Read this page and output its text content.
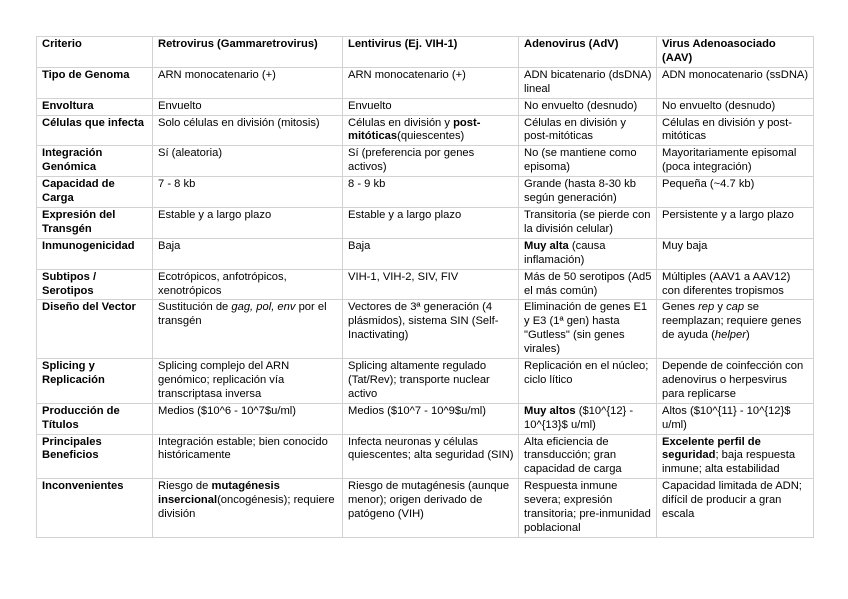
Criterio	Retrovirus (Gammaretrovirus)	Lentivirus (Ej. VIH-1)	Adenovirus (AdV)	Virus Adenoasociado (AAV)
Tipo de Genoma	ARN monocatenario (+)	ARN monocatenario (+)	ADN bicatenario (dsDNA) lineal	ADN monocatenario (ssDNA)
Envoltura	Envuelto	Envuelto	No envuelto (desnudo)	No envuelto (desnudo)
Células que infecta	Solo células en división (mitosis)	Células en división y post-mitóticas(quiescentes)	Células en división y post-mitóticas	Células en división y post-mitóticas
Integración Genómica	Sí (aleatoria)	Sí (preferencia por genes activos)	No (se mantiene como episoma)	Mayoritariamente episomal (poca integración)
Capacidad de Carga	7 - 8 kb	8 - 9 kb	Grande (hasta 8-30 kb según generación)	Pequeña (~4.7 kb)
Expresión del Transgén	Estable y a largo plazo	Estable y a largo plazo	Transitoria (se pierde con la división celular)	Persistente y a largo plazo
Inmunogenicidad	Baja	Baja	Muy alta (causa inflamación)	Muy baja
Subtipos / Serotipos	Ecotrópicos, anfotrópicos, xenotrópicos	VIH-1, VIH-2, SIV, FIV	Más de 50 serotipos (Ad5 el más común)	Múltiples (AAV1 a AAV12) con diferentes tropismos
Diseño del Vector	Sustitución de gag, pol, env por el transgén	Vectores de 3ª generación (4 plásmidos), sistema SIN (Self-Inactivating)	Eliminación de genes E1 y E3 (1ª gen) hasta "Gutless" (sin genes virales)	Genes rep y cap se reemplazan; requiere genes de ayuda (helper)
Splicing y Replicación	Splicing complejo del ARN genómico; replicación vía transcriptasa inversa	Splicing altamente regulado (Tat/Rev); transporte nuclear activo	Replicación en el núcleo; ciclo lítico	Depende de coinfección con adenovirus o herpesvirus para replicarse
Producción de Títulos	Medios ($10^6 - 10^7$u/ml)	Medios ($10^7 - 10^9$u/ml)	Muy altos ($10^{12} - 10^{13}$ u/ml)	Altos ($10^{11} - 10^{12}$ u/ml)
Principales Beneficios	Integración estable; bien conocido históricamente	Infecta neuronas y células quiescentes; alta seguridad (SIN)	Alta eficiencia de transducción; gran capacidad de carga	Excelente perfil de seguridad; baja respuesta inmune; alta estabilidad
Inconvenientes	Riesgo de mutagénesis insercional(oncogénesis); requiere división	Riesgo de mutagénesis (aunque menor); origen derivado de patógeno (VIH)	Respuesta inmune severa; expresión transitoria; pre-inmunidad poblacional	Capacidad limitada de ADN; difícil de producir a gran escala
